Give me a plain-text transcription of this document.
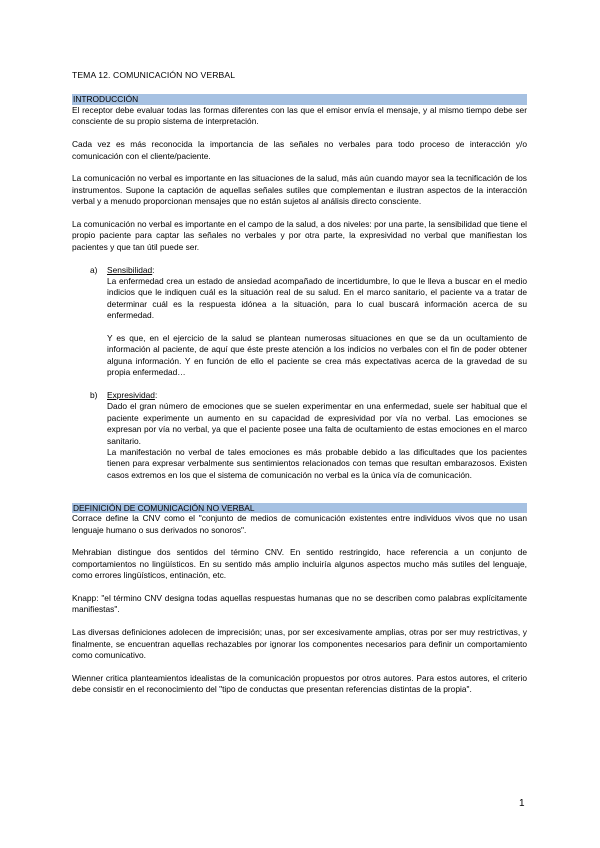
TEMA 12. COMUNICACIÓN NO VERBAL
INTRODUCCIÓN

El receptor debe evaluar todas las formas diferentes con las que el emisor envía el mensaje, y al mismo tiempo debe ser consciente de su propio sistema de interpretación.

Cada vez es más reconocida la importancia de las señales no verbales para todo proceso de interacción y/o comunicación con el cliente/paciente.

La comunicación no verbal es importante en las situaciones de la salud, más aún cuando mayor sea la tecnificación de los instrumentos. Supone la captación de aquellas señales sutiles que complementan e ilustran aspectos de la interacción verbal y a menudo proporcionan mensajes que no están sujetos al análisis directo consciente.

La comunicación no verbal es importante en el campo de la salud, a dos niveles: por una parte, la sensibilidad que tiene el propio paciente para captar las señales no verbales y por otra parte, la expresividad no verbal que manifiestan los pacientes y que tan útil puede ser.

a) Sensibilidad:

La enfermedad crea un estado de ansiedad acompañado de incertidumbre, lo que le lleva a buscar en el medio indicios que le indiquen cuál es la situación real de su salud. En el marco sanitario, el paciente va a tratar de determinar cuál es la respuesta idónea a la situación, para lo cual buscará información acerca de su enfermedad.

Y es que, en el ejercicio de la salud se plantean numerosas situaciones en que se da un ocultamiento de información al paciente, de aquí que éste preste atención a los indicios no verbales con el fin de poder obtener alguna información. Y en función de ello el paciente se crea más expectativas acerca de la gravedad de su propia enfermedad…

b) Expresividad:

Dado el gran número de emociones que se suelen experimentar en una enfermedad, suele ser habitual que el paciente experimente un aumento en su capacidad de expresividad por vía no verbal. Las emociones se expresan por vía no verbal, ya que el paciente posee una falta de ocultamiento de estas emociones en el marco sanitario.

La manifestación no verbal de tales emociones es más probable debido a las dificultades que los pacientes tienen para expresar verbalmente sus sentimientos relacionados con temas que resultan embarazosos. Existen casos extremos en los que el sistema de comunicación no verbal es la única vía de comunicación.

DEFINICIÓN DE COMUNICACIÓN NO VERBAL

Corrace define la CNV como el "conjunto de medios de comunicación existentes entre individuos vivos que no usan lenguaje humano o sus derivados no sonoros".

Mehrabian distingue dos sentidos del término CNV. En sentido restringido, hace referencia a un conjunto de comportamientos no lingüísticos. En su sentido más amplio incluiría algunos aspectos mucho más sutiles del lenguaje, como errores lingüísticos, entinación, etc.

Knapp: "el término CNV designa todas aquellas respuestas humanas que no se describen como palabras explícitamente manifiestas".

Las diversas definiciones adolecen de imprecisión; unas, por ser excesivamente amplias, otras por ser muy restrictivas, y finalmente, se encuentran aquellas rechazables por ignorar los componentes necesarios para definir un comportamiento como comunicativo.

Wienner critica planteamientos idealistas de la comunicación propuestos por otros autores. Para estos autores, el criterio debe consistir en el reconocimiento del "tipo de conductas que presentan referencias distintas de la propia".

1
